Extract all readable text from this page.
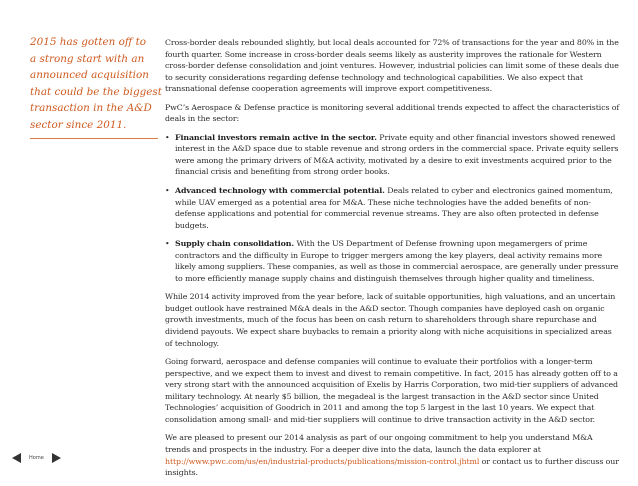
2015 has gotten off to
a strong start with an
announced acquisition
that could be the biggest
transaction in the A&D
sector since 2011.

Cross-border deals rebounded slightly, but local deals accounted for 72% of transactions for the year and 80% in the fourth quarter. Some increase in cross-border deals seems likely as austerity improves the rationale for Western cross-border defense consolidation and joint ventures. However, industrial policies can limit some of these deals due to security considerations regarding defense technology and technological capabilities. We also expect that transnational defense cooperation agreements will improve export competitiveness.

PwC’s Aerospace & Defense practice is monitoring several additional trends expected to affect the characteristics of deals in the sector:

• Financial investors remain active in the sector. Private equity and other financial investors showed renewed interest in the A&D space due to stable revenue and strong orders in the commercial space. Private equity sellers were among the primary drivers of M&A activity, motivated by a desire to exit investments acquired prior to the financial crisis and benefiting from strong order books.
• Advanced technology with commercial potential. Deals related to cyber and electronics gained momentum, while UAV emerged as a potential area for M&A. These niche technologies have the added benefits of non-defense applications and potential for commercial revenue streams. They are also often protected in defense budgets.
• Supply chain consolidation. With the US Department of Defense frowning upon megamergers of prime contractors and the difficulty in Europe to trigger mergers among the key players, deal activity remains more likely among suppliers. These companies, as well as those in commercial aerospace, are generally under pressure to more efficiently manage supply chains and distinguish themselves through higher quality and timeliness.

While 2014 activity improved from the year before, lack of suitable opportunities, high valuations, and an uncertain budget outlook have restrained M&A deals in the A&D sector. Though companies have deployed cash on organic growth investments, much of the focus has been on cash return to shareholders through share repurchase and dividend payouts. We expect share buybacks to remain a priority along with niche acquisitions in specialized areas of technology.

Going forward, aerospace and defense companies will continue to evaluate their portfolios with a longer-term perspective, and we expect them to invest and divest to remain competitive. In fact, 2015 has already gotten off to a very strong start with the announced acquisition of Exelis by Harris Corporation, two mid-tier suppliers of advanced military technology. At nearly $5 billion, the megadeal is the largest transaction in the A&D sector since United Technologies’ acquisition of Goodrich in 2011 and among the top 5 largest in the last 10 years. We expect that consolidation among small- and mid-tier suppliers will continue to drive transaction activity in the A&D sector.

We are pleased to present our 2014 analysis as part of our ongoing commitment to help you understand M&A trends and prospects in the industry. For a deeper dive into the data, launch the data explorer at http://www.pwc.com/us/en/industrial-products/publications/mission-control.jhtml or contact us to further discuss our insights.

Home
